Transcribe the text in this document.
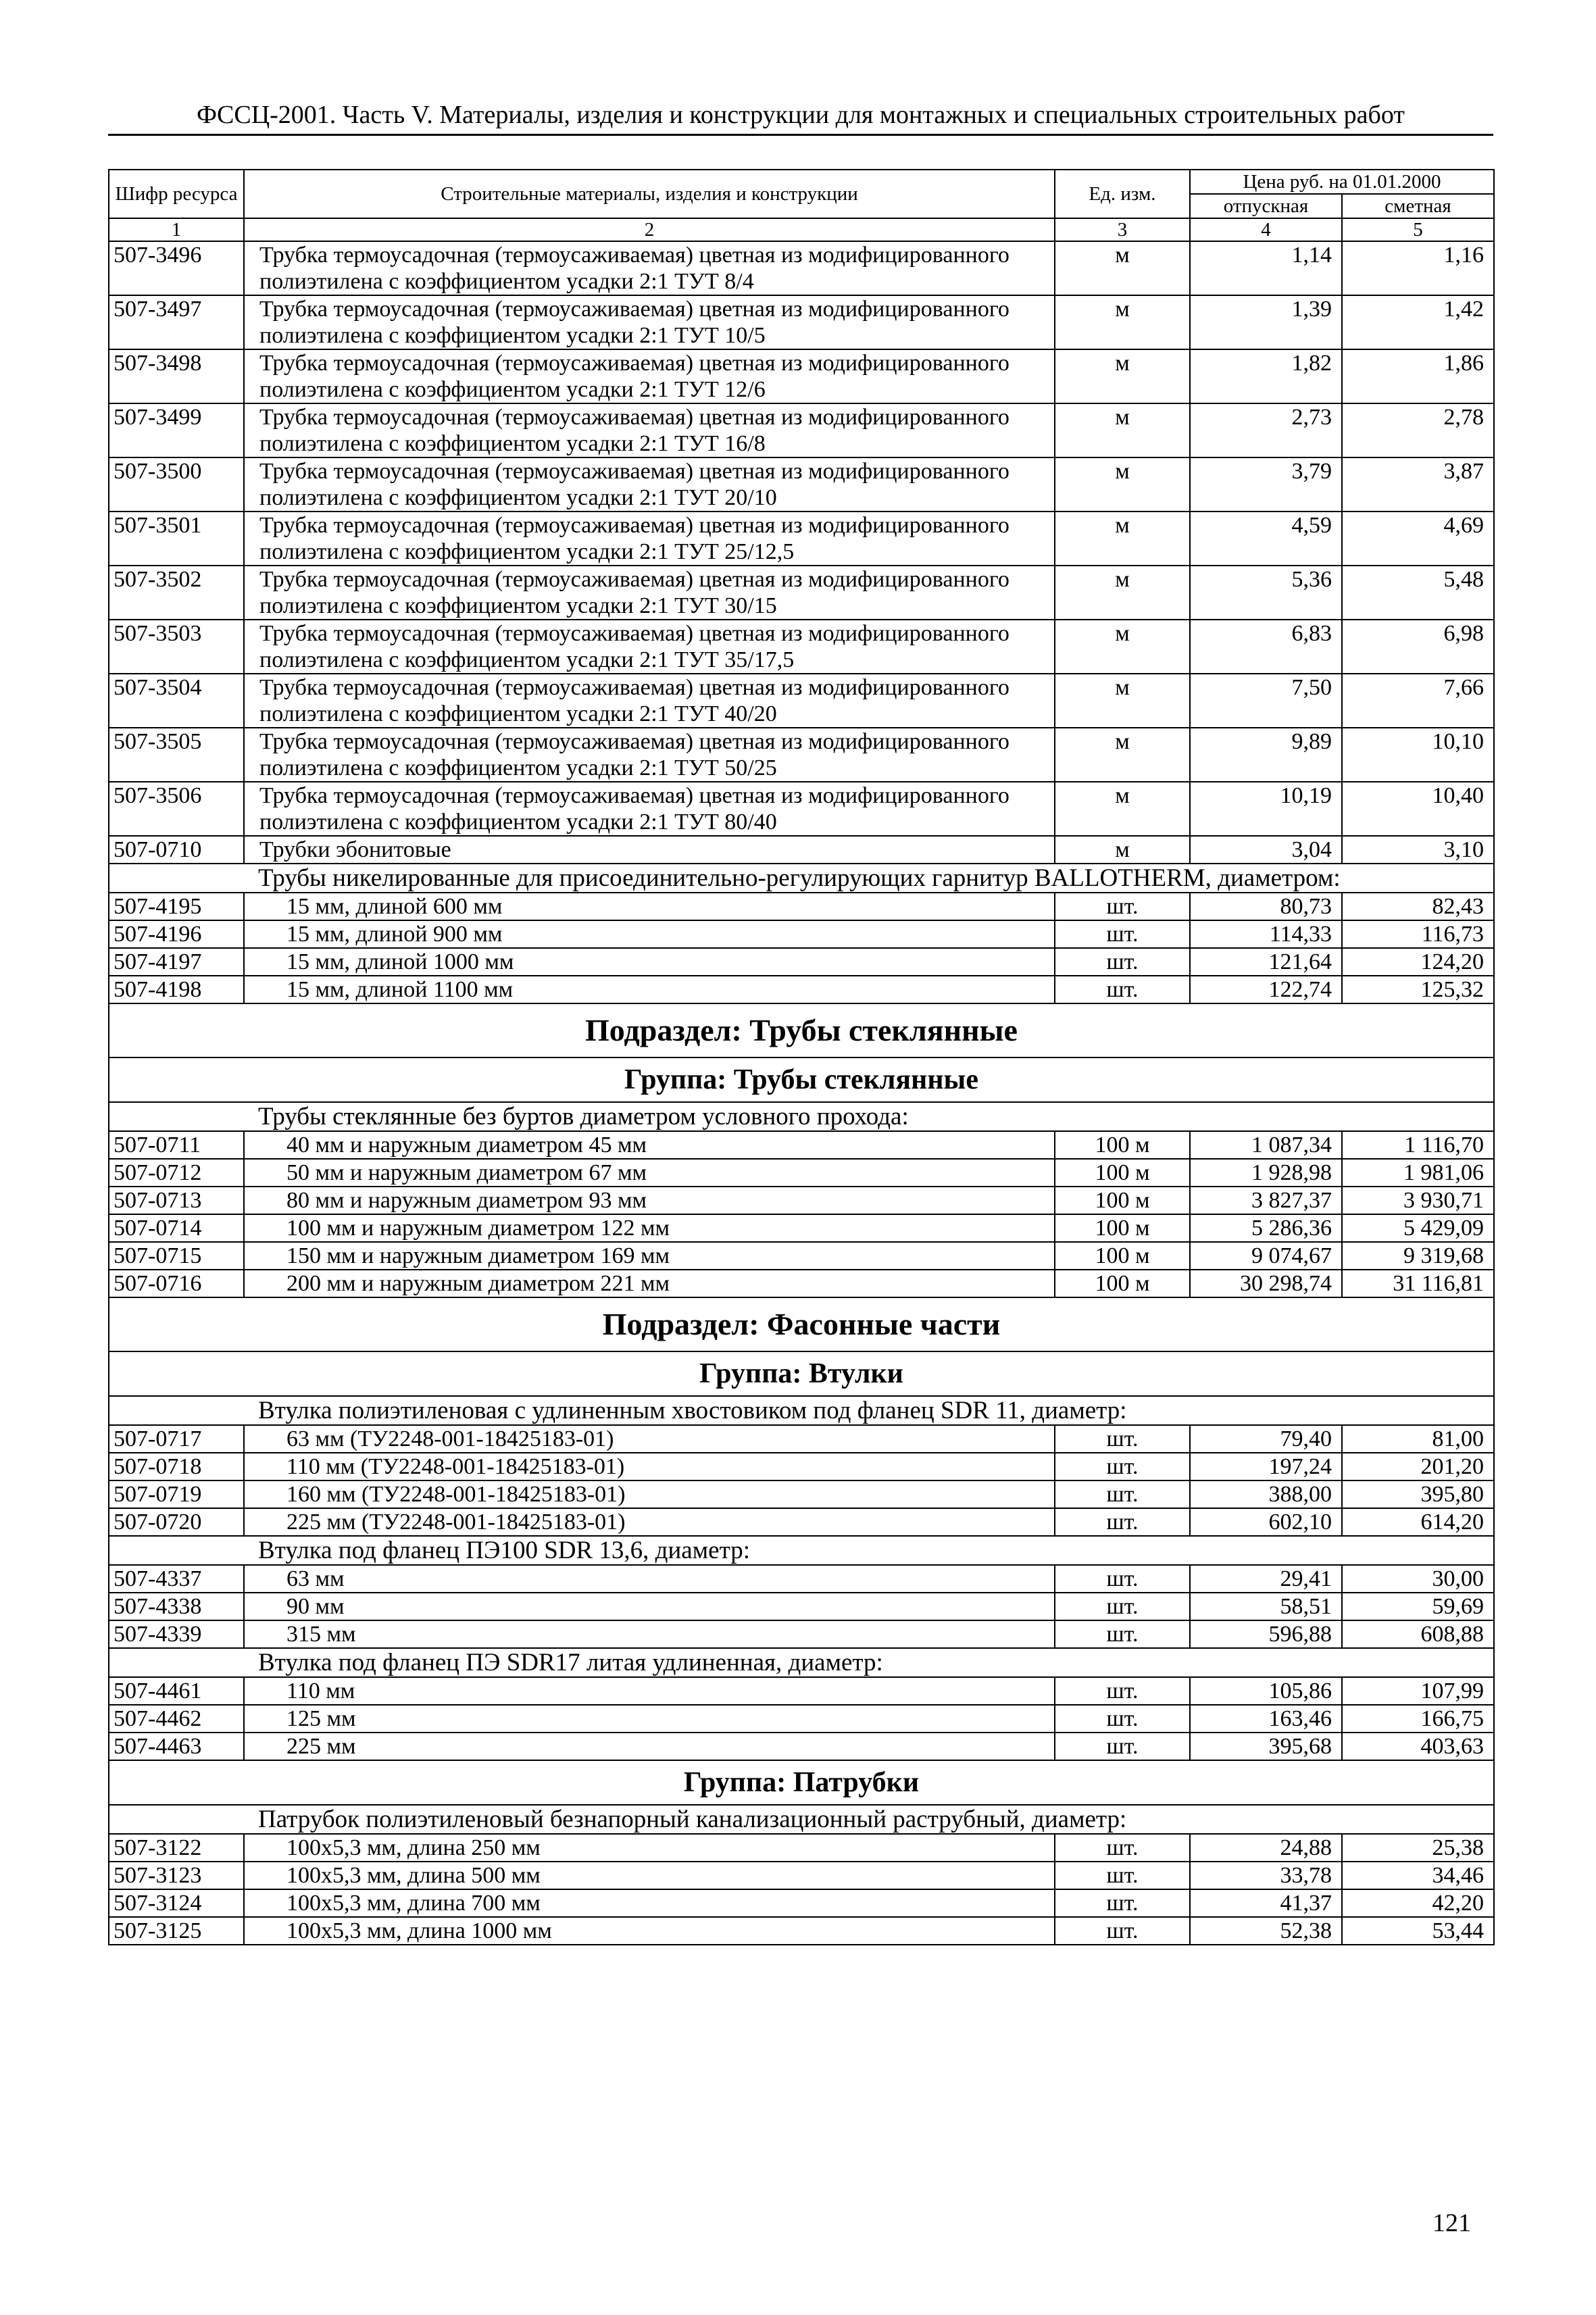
ФССЦ-2001. Часть V. Материалы, изделия и конструкции для монтажных и специальных строительных работ
Шифр ресурса	Строительные материалы, изделия и конструкции	Ед. изм.	Цена руб. на 01.01.2000	
			отпускная	сметная
1	2	3	4	5
507-3496	Трубка термоусадочная (термоусаживаемая) цветная из модифицированного полиэтилена с коэффициентом усадки 2:1 ТУТ 8/4	м	1,14	1,16
507-3497	Трубка термоусадочная (термоусаживаемая) цветная из модифицированного полиэтилена с коэффициентом усадки 2:1 ТУТ 10/5	м	1,39	1,42
507-3498	Трубка термоусадочная (термоусаживаемая) цветная из модифицированного полиэтилена с коэффициентом усадки 2:1 ТУТ 12/6	м	1,82	1,86
507-3499	Трубка термоусадочная (термоусаживаемая) цветная из модифицированного полиэтилена с коэффициентом усадки 2:1 ТУТ 16/8	м	2,73	2,78
507-3500	Трубка термоусадочная (термоусаживаемая) цветная из модифицированного полиэтилена с коэффициентом усадки 2:1 ТУТ 20/10	м	3,79	3,87
507-3501	Трубка термоусадочная (термоусаживаемая) цветная из модифицированного полиэтилена с коэффициентом усадки 2:1 ТУТ 25/12,5	м	4,59	4,69
507-3502	Трубка термоусадочная (термоусаживаемая) цветная из модифицированного полиэтилена с коэффициентом усадки 2:1 ТУТ 30/15	м	5,36	5,48
507-3503	Трубка термоусадочная (термоусаживаемая) цветная из модифицированного полиэтилена с коэффициентом усадки 2:1 ТУТ 35/17,5	м	6,83	6,98
507-3504	Трубка термоусадочная (термоусаживаемая) цветная из модифицированного полиэтилена с коэффициентом усадки 2:1 ТУТ 40/20	м	7,50	7,66
507-3505	Трубка термоусадочная (термоусаживаемая) цветная из модифицированного полиэтилена с коэффициентом усадки 2:1 ТУТ 50/25	м	9,89	10,10
507-3506	Трубка термоусадочная (термоусаживаемая) цветная из модифицированного полиэтилена с коэффициентом усадки 2:1 ТУТ 80/40	м	10,19	10,40
507-0710	Трубки эбонитовые	м	3,04	3,10
Трубы никелированные для присоединительно-регулирующих гарнитур BALLOTHERM, диаметром:				
507-4195	15 мм, длиной 600 мм	шт.	80,73	82,43
507-4196	15 мм, длиной 900 мм	шт.	114,33	116,73
507-4197	15 мм, длиной 1000 мм	шт.	121,64	124,20
507-4198	15 мм, длиной 1100 мм	шт.	122,74	125,32
Подраздел: Трубы стеклянные				
Группа: Трубы стеклянные				
Трубы стеклянные без буртов диаметром условного прохода:				
507-0711	40 мм и наружным диаметром 45 мм	100 м	1 087,34	1 116,70
507-0712	50 мм и наружным диаметром 67 мм	100 м	1 928,98	1 981,06
507-0713	80 мм и наружным диаметром 93 мм	100 м	3 827,37	3 930,71
507-0714	100 мм и наружным диаметром 122 мм	100 м	5 286,36	5 429,09
507-0715	150 мм и наружным диаметром 169 мм	100 м	9 074,67	9 319,68
507-0716	200 мм и наружным диаметром 221 мм	100 м	30 298,74	31 116,81
Подраздел: Фасонные части				
Группа: Втулки				
Втулка полиэтиленовая с удлиненным хвостовиком под фланец SDR 11, диаметр:				
507-0717	63 мм (ТУ2248-001-18425183-01)	шт.	79,40	81,00
507-0718	110 мм (ТУ2248-001-18425183-01)	шт.	197,24	201,20
507-0719	160 мм (ТУ2248-001-18425183-01)	шт.	388,00	395,80
507-0720	225 мм (ТУ2248-001-18425183-01)	шт.	602,10	614,20
Втулка под фланец ПЭ100 SDR 13,6, диаметр:				
507-4337	63 мм	шт.	29,41	30,00
507-4338	90 мм	шт.	58,51	59,69
507-4339	315 мм	шт.	596,88	608,88
Втулка под фланец ПЭ SDR17 литая удлиненная, диаметр:				
507-4461	110 мм	шт.	105,86	107,99
507-4462	125 мм	шт.	163,46	166,75
507-4463	225 мм	шт.	395,68	403,63
Группа: Патрубки				
Патрубок полиэтиленовый безнапорный канализационный раструбный, диаметр:				
507-3122	100х5,3 мм, длина 250 мм	шт.	24,88	25,38
507-3123	100х5,3 мм, длина 500 мм	шт.	33,78	34,46
507-3124	100х5,3 мм, длина 700 мм	шт.	41,37	42,20
507-3125	100х5,3 мм, длина 1000 мм	шт.	52,38	53,44
121
